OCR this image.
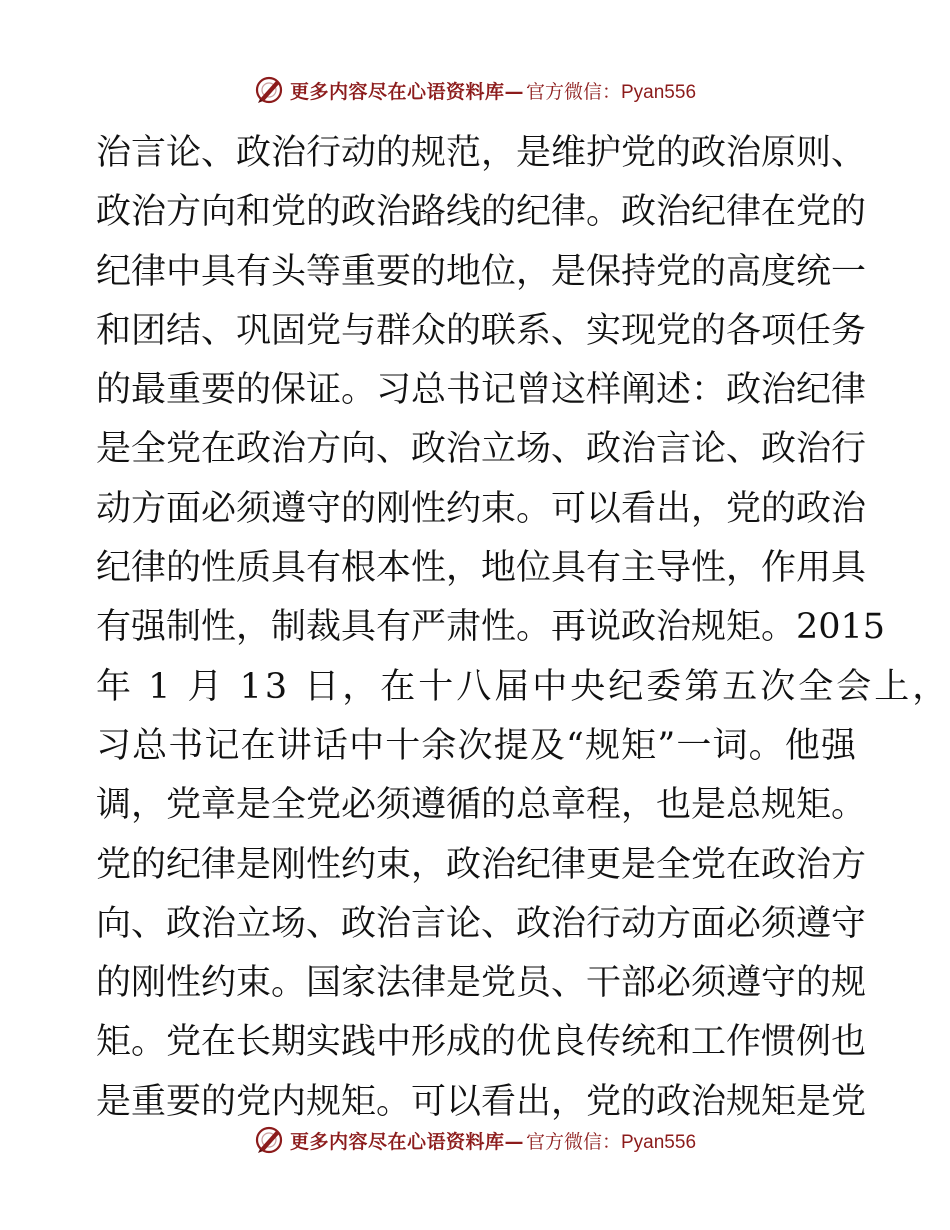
更多内容尽在心语资料库— 官方微信：Pyan556
治言论、政治行动的规范，是维护党的政治原则、
政治方向和党的政治路线的纪律。政治纪律在党的
纪律中具有头等重要的地位，是保持党的高度统一
和团结、巩固党与群众的联系、实现党的各项任务
的最重要的保证。习总书记曾这样阐述：政治纪律
是全党在政治方向、政治立场、政治言论、政治行
动方面必须遵守的刚性约束。可以看出，党的政治
纪律的性质具有根本性，地位具有主导性，作用具
有强制性，制裁具有严肃性。再说政治规矩。2015
年 1 月 13 日，在十八届中央纪委第五次全会上，
习总书记在讲话中十余次提及“规矩”一词。他强
调，党章是全党必须遵循的总章程，也是总规矩。
党的纪律是刚性约束，政治纪律更是全党在政治方
向、政治立场、政治言论、政治行动方面必须遵守
的刚性约束。国家法律是党员、干部必须遵守的规
矩。党在长期实践中形成的优良传统和工作惯例也
是重要的党内规矩。可以看出，党的政治规矩是党
更多内容尽在心语资料库— 官方微信：Pyan556
